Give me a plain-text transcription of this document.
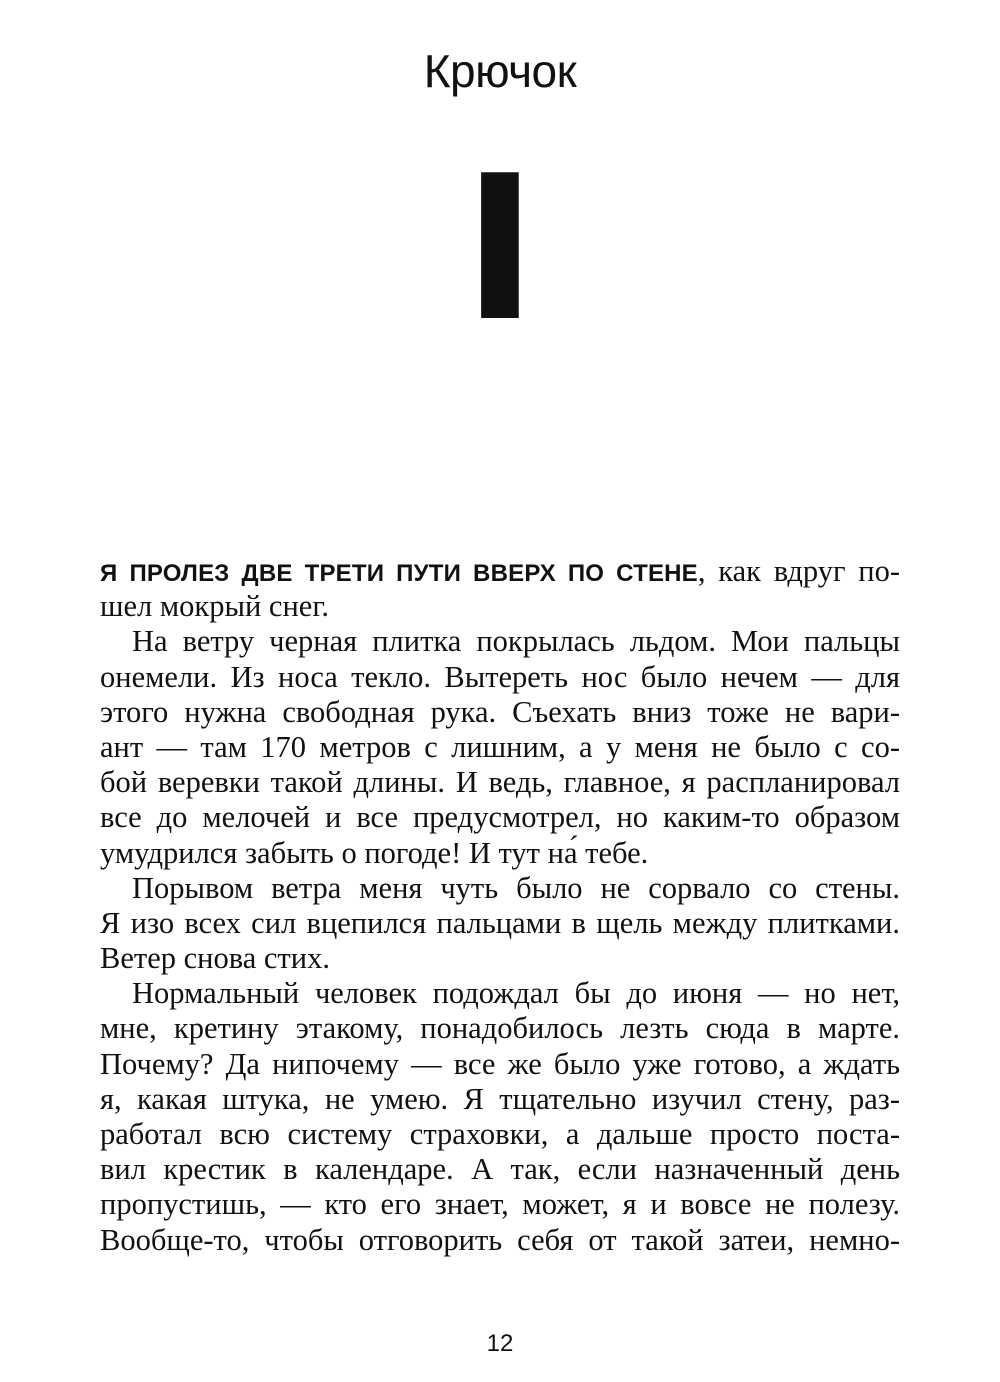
Крючок
I
Я ПРОЛЕЗ ДВЕ ТРЕТИ ПУТИ ВВЕРХ ПО СТЕНЕ, как вдруг по-
шел мокрый снег.
На ветру черная плитка покрылась льдом. Мои пальцы
онемели. Из носа текло. Вытереть нос было нечем — для
этого нужна свободная рука. Съехать вниз тоже не вари-
ант — там 170 метров с лишним, а у меня не было с со-
бой веревки такой длины. И ведь, главное, я распланировал
все до мелочей и все предусмотрел, но каким-то образом
умудрился забыть о погоде! И тут на́ тебе.
Порывом ветра меня чуть было не сорвало со стены.
Я изо всех сил вцепился пальцами в щель между плитками.
Ветер снова стих.
Нормальный человек подождал бы до июня — но нет,
мне, кретину этакому, понадобилось лезть сюда в марте.
Почему? Да нипочему — все же было уже готово, а ждать
я, какая штука, не умею. Я тщательно изучил стену, раз-
работал всю систему страховки, а дальше просто поста-
вил крестик в календаре. А так, если назначенный день
пропустишь, — кто его знает, может, я и вовсе не полезу.
Вообще-то, чтобы отговорить себя от такой затеи, немно-
12
